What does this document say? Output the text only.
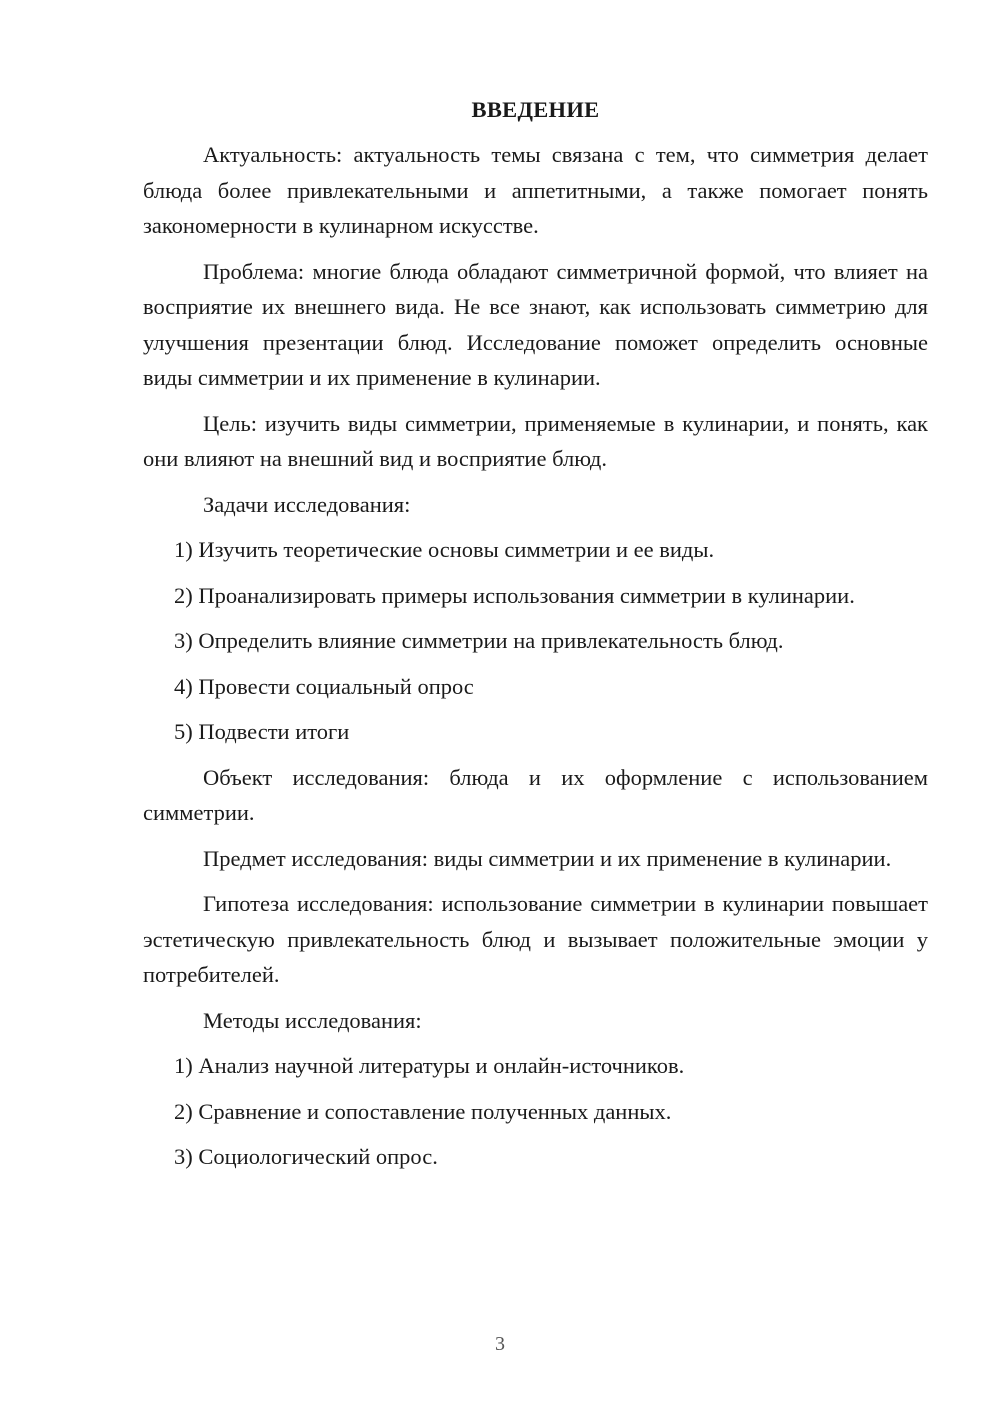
ВВЕДЕНИЕ

Актуальность: актуальность темы связана с тем, что симметрия делает блюда более привлекательными и аппетитными, а также помогает понять закономерности в кулинарном искусстве.

Проблема: многие блюда обладают симметричной формой, что влияет на восприятие их внешнего вида. Не все знают, как использовать симметрию для улучшения презентации блюд. Исследование поможет определить основные виды симметрии и их применение в кулинарии.

Цель: изучить виды симметрии, применяемые в кулинарии, и понять, как они влияют на внешний вид и восприятие блюд.

Задачи исследования:

1) Изучить теоретические основы симметрии и ее виды.

2) Проанализировать примеры использования симметрии в кулинарии.

3) Определить влияние симметрии на привлекательность блюд.

4) Провести социальный опрос

5) Подвести итоги

Объект исследования: блюда и их оформление с использованием симметрии.

Предмет исследования: виды симметрии и их применение в кулинарии.

Гипотеза исследования: использование симметрии в кулинарии повышает эстетическую привлекательность блюд и вызывает положительные эмоции у потребителей.

Методы исследования:

1) Анализ научной литературы и онлайн-источников.

2) Сравнение и сопоставление полученных данных.

3) Социологический опрос.

3
